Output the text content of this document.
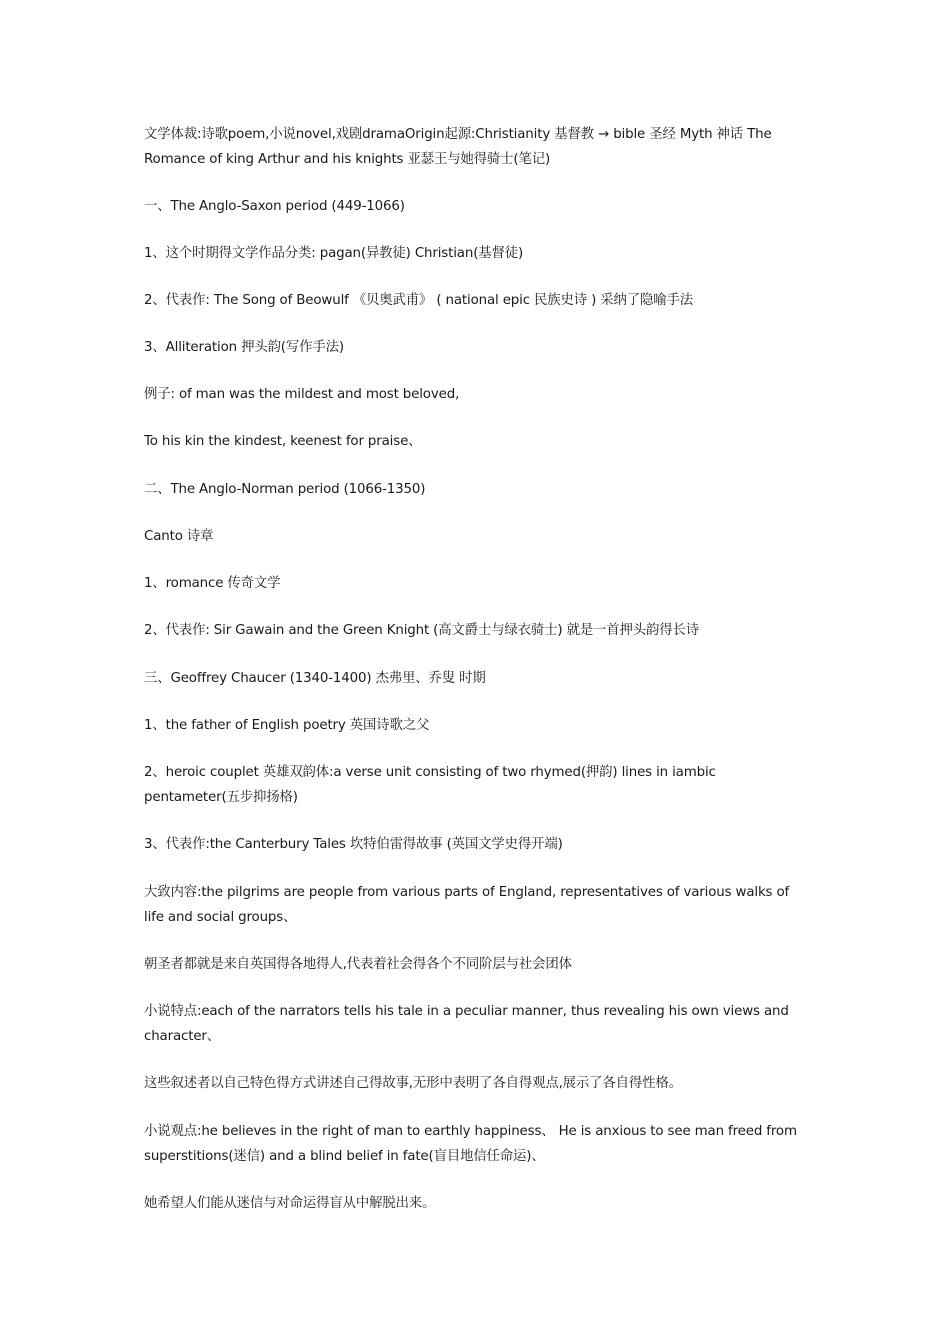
文学体裁:诗歌poem,小说novel,戏剧dramaOrigin起源:Christianity 基督教 → bible 圣经 Myth 神话 The Romance of king Arthur and his knights 亚瑟王与她得骑士(笔记)

一、The Anglo-Saxon period (449-1066)

1、这个时期得文学作品分类: pagan(异教徒) Christian(基督徒)

2、代表作: The Song of Beowulf 《贝奥武甫》 ( national epic 民族史诗 ) 采纳了隐喻手法

3、Alliteration 押头韵(写作手法)

例子: of man was the mildest and most beloved,

To his kin the kindest, keenest for praise、

二、The Anglo-Norman period (1066-1350)

Canto 诗章

1、romance 传奇文学

2、代表作: Sir Gawain and the Green Knight (高文爵士与绿衣骑士) 就是一首押头韵得长诗

三、Geoffrey Chaucer (1340-1400) 杰弗里、乔叟 时期

1、the father of English poetry 英国诗歌之父

2、heroic couplet 英雄双韵体:a verse unit consisting of two rhymed(押韵) lines in iambic pentameter(五步抑扬格)

3、代表作:the Canterbury Tales 坎特伯雷得故事 (英国文学史得开端)

大致内容:the pilgrims are people from various parts of England, representatives of various walks of life and social groups、

朝圣者都就是来自英国得各地得人,代表着社会得各个不同阶层与社会团体

小说特点:each of the narrators tells his tale in a peculiar manner, thus revealing his own views and character、

这些叙述者以自己特色得方式讲述自己得故事,无形中表明了各自得观点,展示了各自得性格。

小说观点:he believes in the right of man to earthly happiness、 He is anxious to see man freed from superstitions(迷信) and a blind belief in fate(盲目地信任命运)、

她希望人们能从迷信与对命运得盲从中解脱出来。
